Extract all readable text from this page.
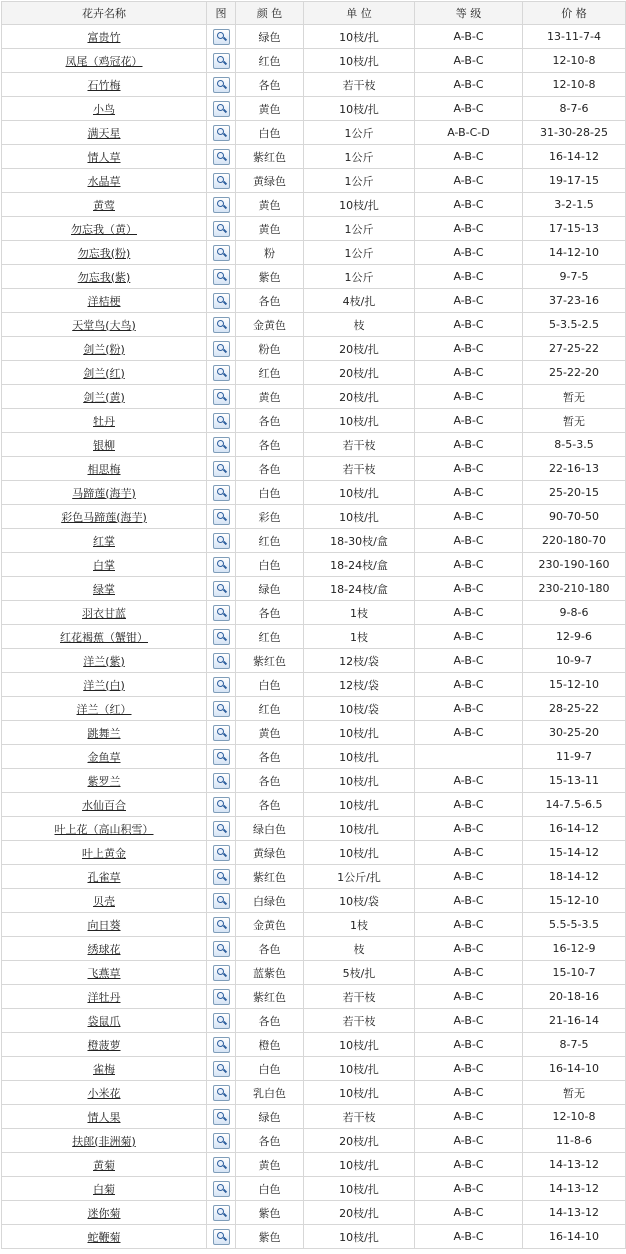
花卉名称	图	颜 色	单 位	等 级	价 格
富贵竹		绿色	10枝/扎	A-B-C	13-11-7-4
凤尾（鸡冠花）		红色	10枝/扎	A-B-C	12-10-8
石竹梅		各色	若干枝	A-B-C	12-10-8
小鸟		黄色	10枝/扎	A-B-C	8-7-6
满天星		白色	1公斤	A-B-C-D	31-30-28-25
情人草		紫红色	1公斤	A-B-C	16-14-12
水晶草		黄绿色	1公斤	A-B-C	19-17-15
黄莺		黄色	10枝/扎	A-B-C	3-2-1.5
勿忘我（黄）		黄色	1公斤	A-B-C	17-15-13
勿忘我(粉)		粉	1公斤	A-B-C	14-12-10
勿忘我(紫)		紫色	1公斤	A-B-C	9-7-5
洋桔梗		各色	4枝/扎	A-B-C	37-23-16
天堂鸟(大鸟)		金黄色	枝	A-B-C	5-3.5-2.5
剑兰(粉)		粉色	20枝/扎	A-B-C	27-25-22
剑兰(红)		红色	20枝/扎	A-B-C	25-22-20
剑兰(黄)		黄色	20枝/扎	A-B-C	暂无
牡丹		各色	10枝/扎	A-B-C	暂无
银柳		各色	若干枝	A-B-C	8-5-3.5
相思梅		各色	若干枝	A-B-C	22-16-13
马蹄莲(海芋)		白色	10枝/扎	A-B-C	25-20-15
彩色马蹄莲(海芋)		彩色	10枝/扎	A-B-C	90-70-50
红掌		红色	18-30枝/盒	A-B-C	220-180-70
白掌		白色	18-24枝/盒	A-B-C	230-190-160
绿掌		绿色	18-24枝/盒	A-B-C	230-210-180
羽衣甘蓝		各色	1枝	A-B-C	9-8-6
红花褐蕉（蟹钳）		红色	1枝	A-B-C	12-9-6
洋兰(紫)		紫红色	12枝/袋	A-B-C	10-9-7
洋兰(白)		白色	12枝/袋	A-B-C	15-12-10
洋兰（红）		红色	10枝/袋	A-B-C	28-25-22
跳舞兰		黄色	10枝/扎	A-B-C	30-25-20
金鱼草		各色	10枝/扎		11-9-7
紫罗兰		各色	10枝/扎	A-B-C	15-13-11
水仙百合		各色	10枝/扎	A-B-C	14-7.5-6.5
叶上花（高山积雪）		绿白色	10枝/扎	A-B-C	16-14-12
叶上黄金		黄绿色	10枝/扎	A-B-C	15-14-12
孔雀草		紫红色	1公斤/扎	A-B-C	18-14-12
贝壳		白绿色	10枝/袋	A-B-C	15-12-10
向日葵		金黄色	1枝	A-B-C	5.5-5-3.5
绣球花		各色	枝	A-B-C	16-12-9
飞燕草		蓝紫色	5枝/扎	A-B-C	15-10-7
洋牡丹		紫红色	若干枝	A-B-C	20-18-16
袋鼠爪		各色	若干枝	A-B-C	21-16-14
橙菠萝		橙色	10枝/扎	A-B-C	8-7-5
雀梅		白色	10枝/扎	A-B-C	16-14-10
小米花		乳白色	10枝/扎	A-B-C	暂无
情人果		绿色	若干枝	A-B-C	12-10-8
扶郎(非洲菊)		各色	20枝/扎	A-B-C	11-8-6
黄菊		黄色	10枝/扎	A-B-C	14-13-12
白菊		白色	10枝/扎	A-B-C	14-13-12
迷你菊		紫色	20枝/扎	A-B-C	14-13-12
蛇鞭菊		紫色	10枝/扎	A-B-C	16-14-10
